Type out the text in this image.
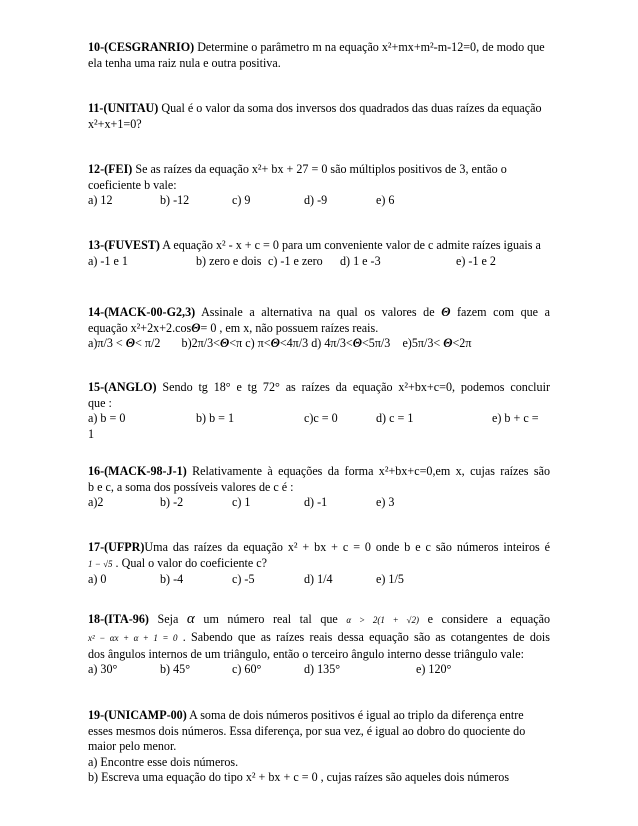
10-(CESGRANRIO) Determine o parâmetro m na equação x²+mx+m²-m-12=0, de modo que ela tenha uma raiz nula e outra positiva.

11-(UNITAU) Qual é o valor da soma dos inversos dos quadrados das duas raízes da equação x²+x+1=0?

12-(FEI) Se as raízes da equação x²+ bx + 27 = 0 são múltiplos positivos de 3, então o coeficiente b vale:

a) 12	b) -12	c) 9	d) -9	e) 6

13-(FUVEST) A equação x² - x + c = 0 para um conveniente valor de c admite raízes iguais a

a) -1 e 1	b) zero e dois c) -1 e zero d) 1 e -3	e) -1 e 2

14-(MACK-00-G2,3) Assinale a alternativa na qual os valores de Θ fazem com que a

equação x²+2x+2.cosΘ= 0 , em x, não possuem raízes reais.

a)π/3 < Θ< π/2 b)2π/3<Θ<π c) π<Θ<4π/3 d) 4π/3<Θ<5π/3 e)5π/3< Θ<2π

15-(ANGLO) Sendo tg 18° e tg 72° as raízes da equação x²+bx+c=0, podemos concluir

que :

a) b = 0	b) b = 1	c)c = 0	d) c = 1	e) b + c =

1

16-(MACK-98-J-1) Relativamente à equações da forma x²+bx+c=0,em x, cujas raízes são

b e c, a soma dos possíveis valores de c é :

a)2	b) -2	c) 1	d) -1	e) 3

17-(UFPR)Uma das raízes da equação x² + bx + c = 0 onde b e c são números inteiros é

1 − √5 . Qual o valor do coeficiente c?

a) 0	b) -4	c) -5	d) 1/4	e) 1/5

18-(ITA-96) Seja α um número real tal que α > 2(1 + √2) e considere a equação

x² − αx + α + 1 = 0 . Sabendo que as raízes reais dessa equação são as cotangentes de dois

dos ângulos internos de um triângulo, então o terceiro ângulo interno desse triângulo vale:

a) 30°	b) 45°	c) 60°	d) 135°	e) 120°

19-(UNICAMP-00) A soma de dois números positivos é igual ao triplo da diferença entre

esses mesmos dois números. Essa diferença, por sua vez, é igual ao dobro do quociente do

maior pelo menor.

a) Encontre esse dois números.

b) Escreva uma equação do tipo x² + bx + c = 0 , cujas raízes são aqueles dois números
